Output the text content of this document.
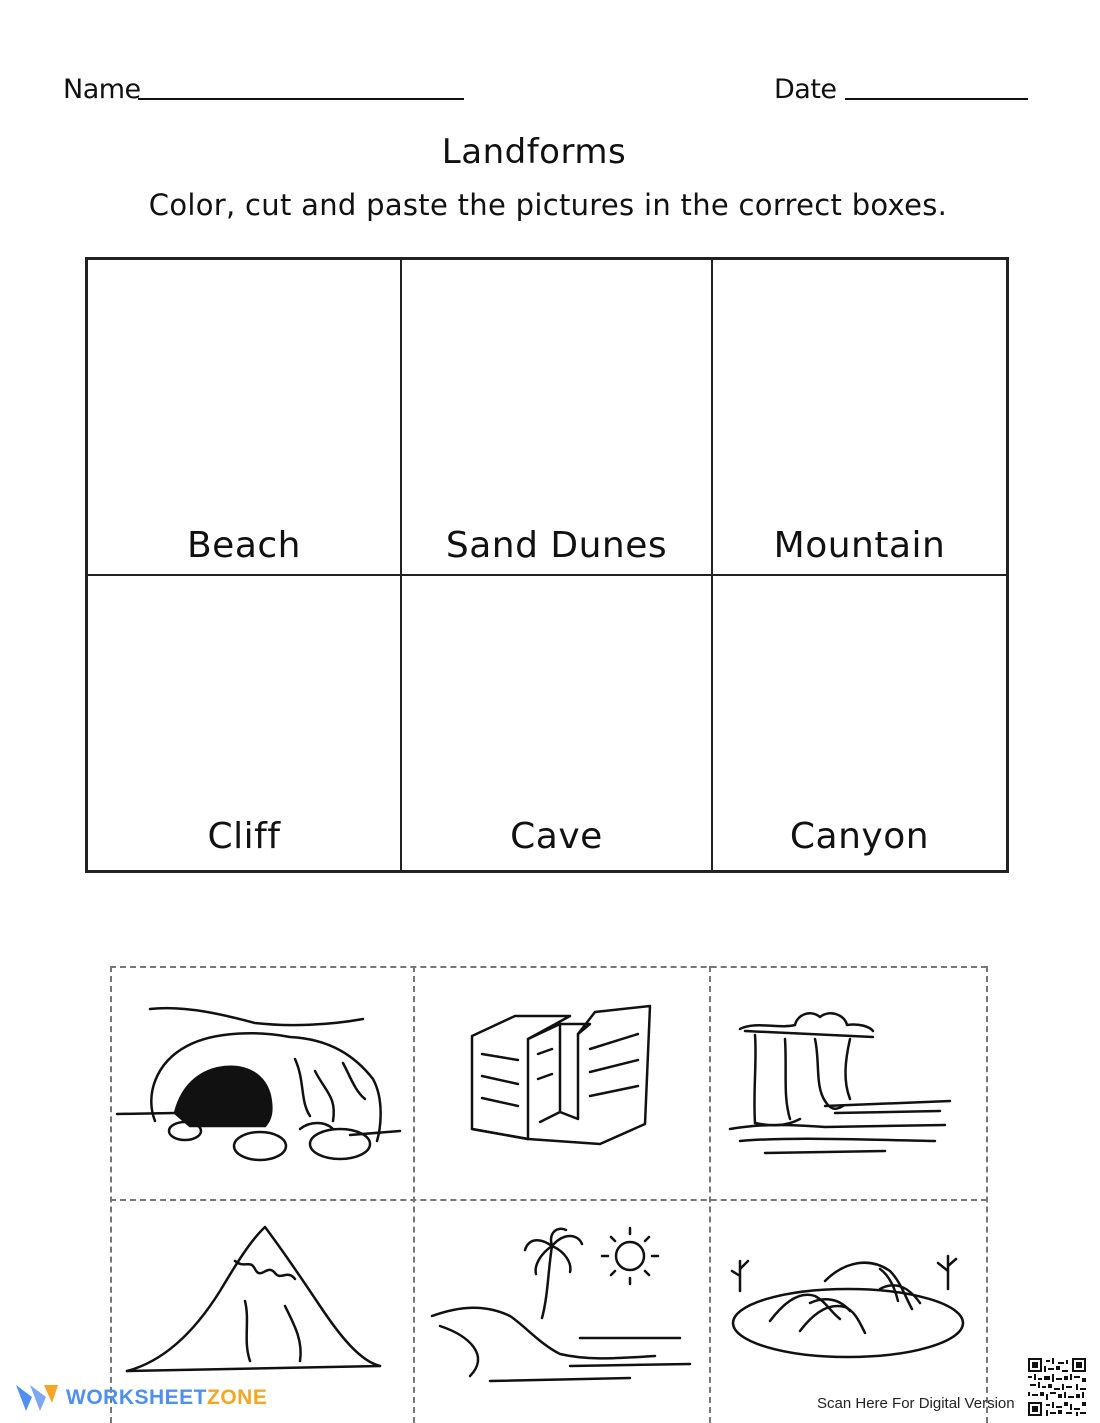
Name	Date
Landforms
Color, cut and paste the pictures in the correct boxes.
Beach	Sand Dunes	Mountain
Cliff	Cave	Canyon
WORKSHEETZONE	Scan Here For Digital Version
